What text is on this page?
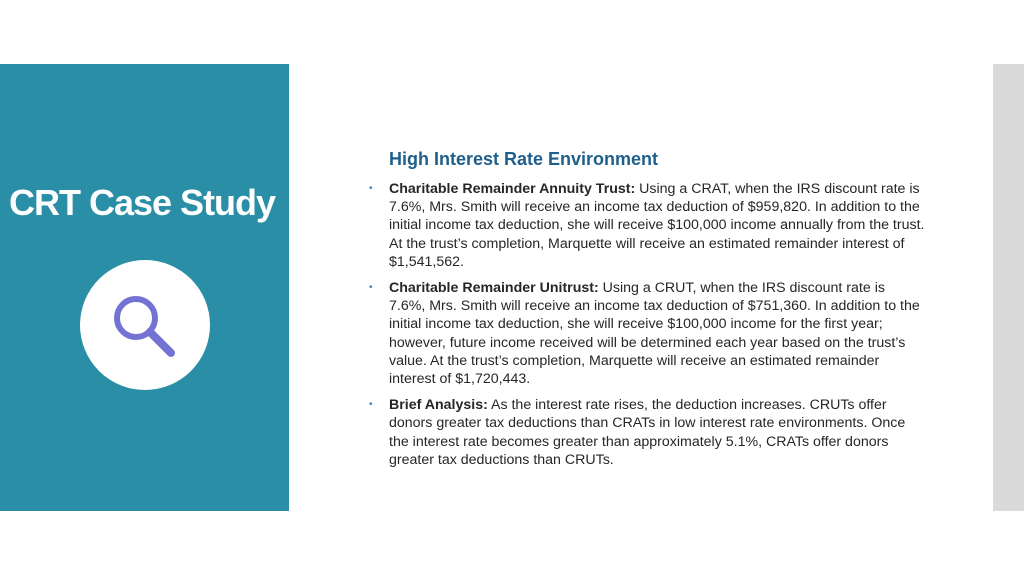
CRT Case Study
High Interest Rate Environment
• Charitable Remainder Annuity Trust: Using a CRAT, when the IRS discount rate is 7.6%, Mrs. Smith will receive an income tax deduction of $959,820. In addition to the initial income tax deduction, she will receive $100,000 income annually from the trust. At the trust’s completion, Marquette will receive an estimated remainder interest of $1,541,562.
• Charitable Remainder Unitrust: Using a CRUT, when the IRS discount rate is 7.6%, Mrs. Smith will receive an income tax deduction of $751,360. In addition to the initial income tax deduction, she will receive $100,000 income for the first year; however, future income received will be determined each year based on the trust’s value. At the trust’s completion, Marquette will receive an estimated remainder interest of $1,720,443.
• Brief Analysis: As the interest rate rises, the deduction increases. CRUTs offer donors greater tax deductions than CRATs in low interest rate environments. Once the interest rate becomes greater than approximately 5.1%, CRATs offer donors greater tax deductions than CRUTs.
